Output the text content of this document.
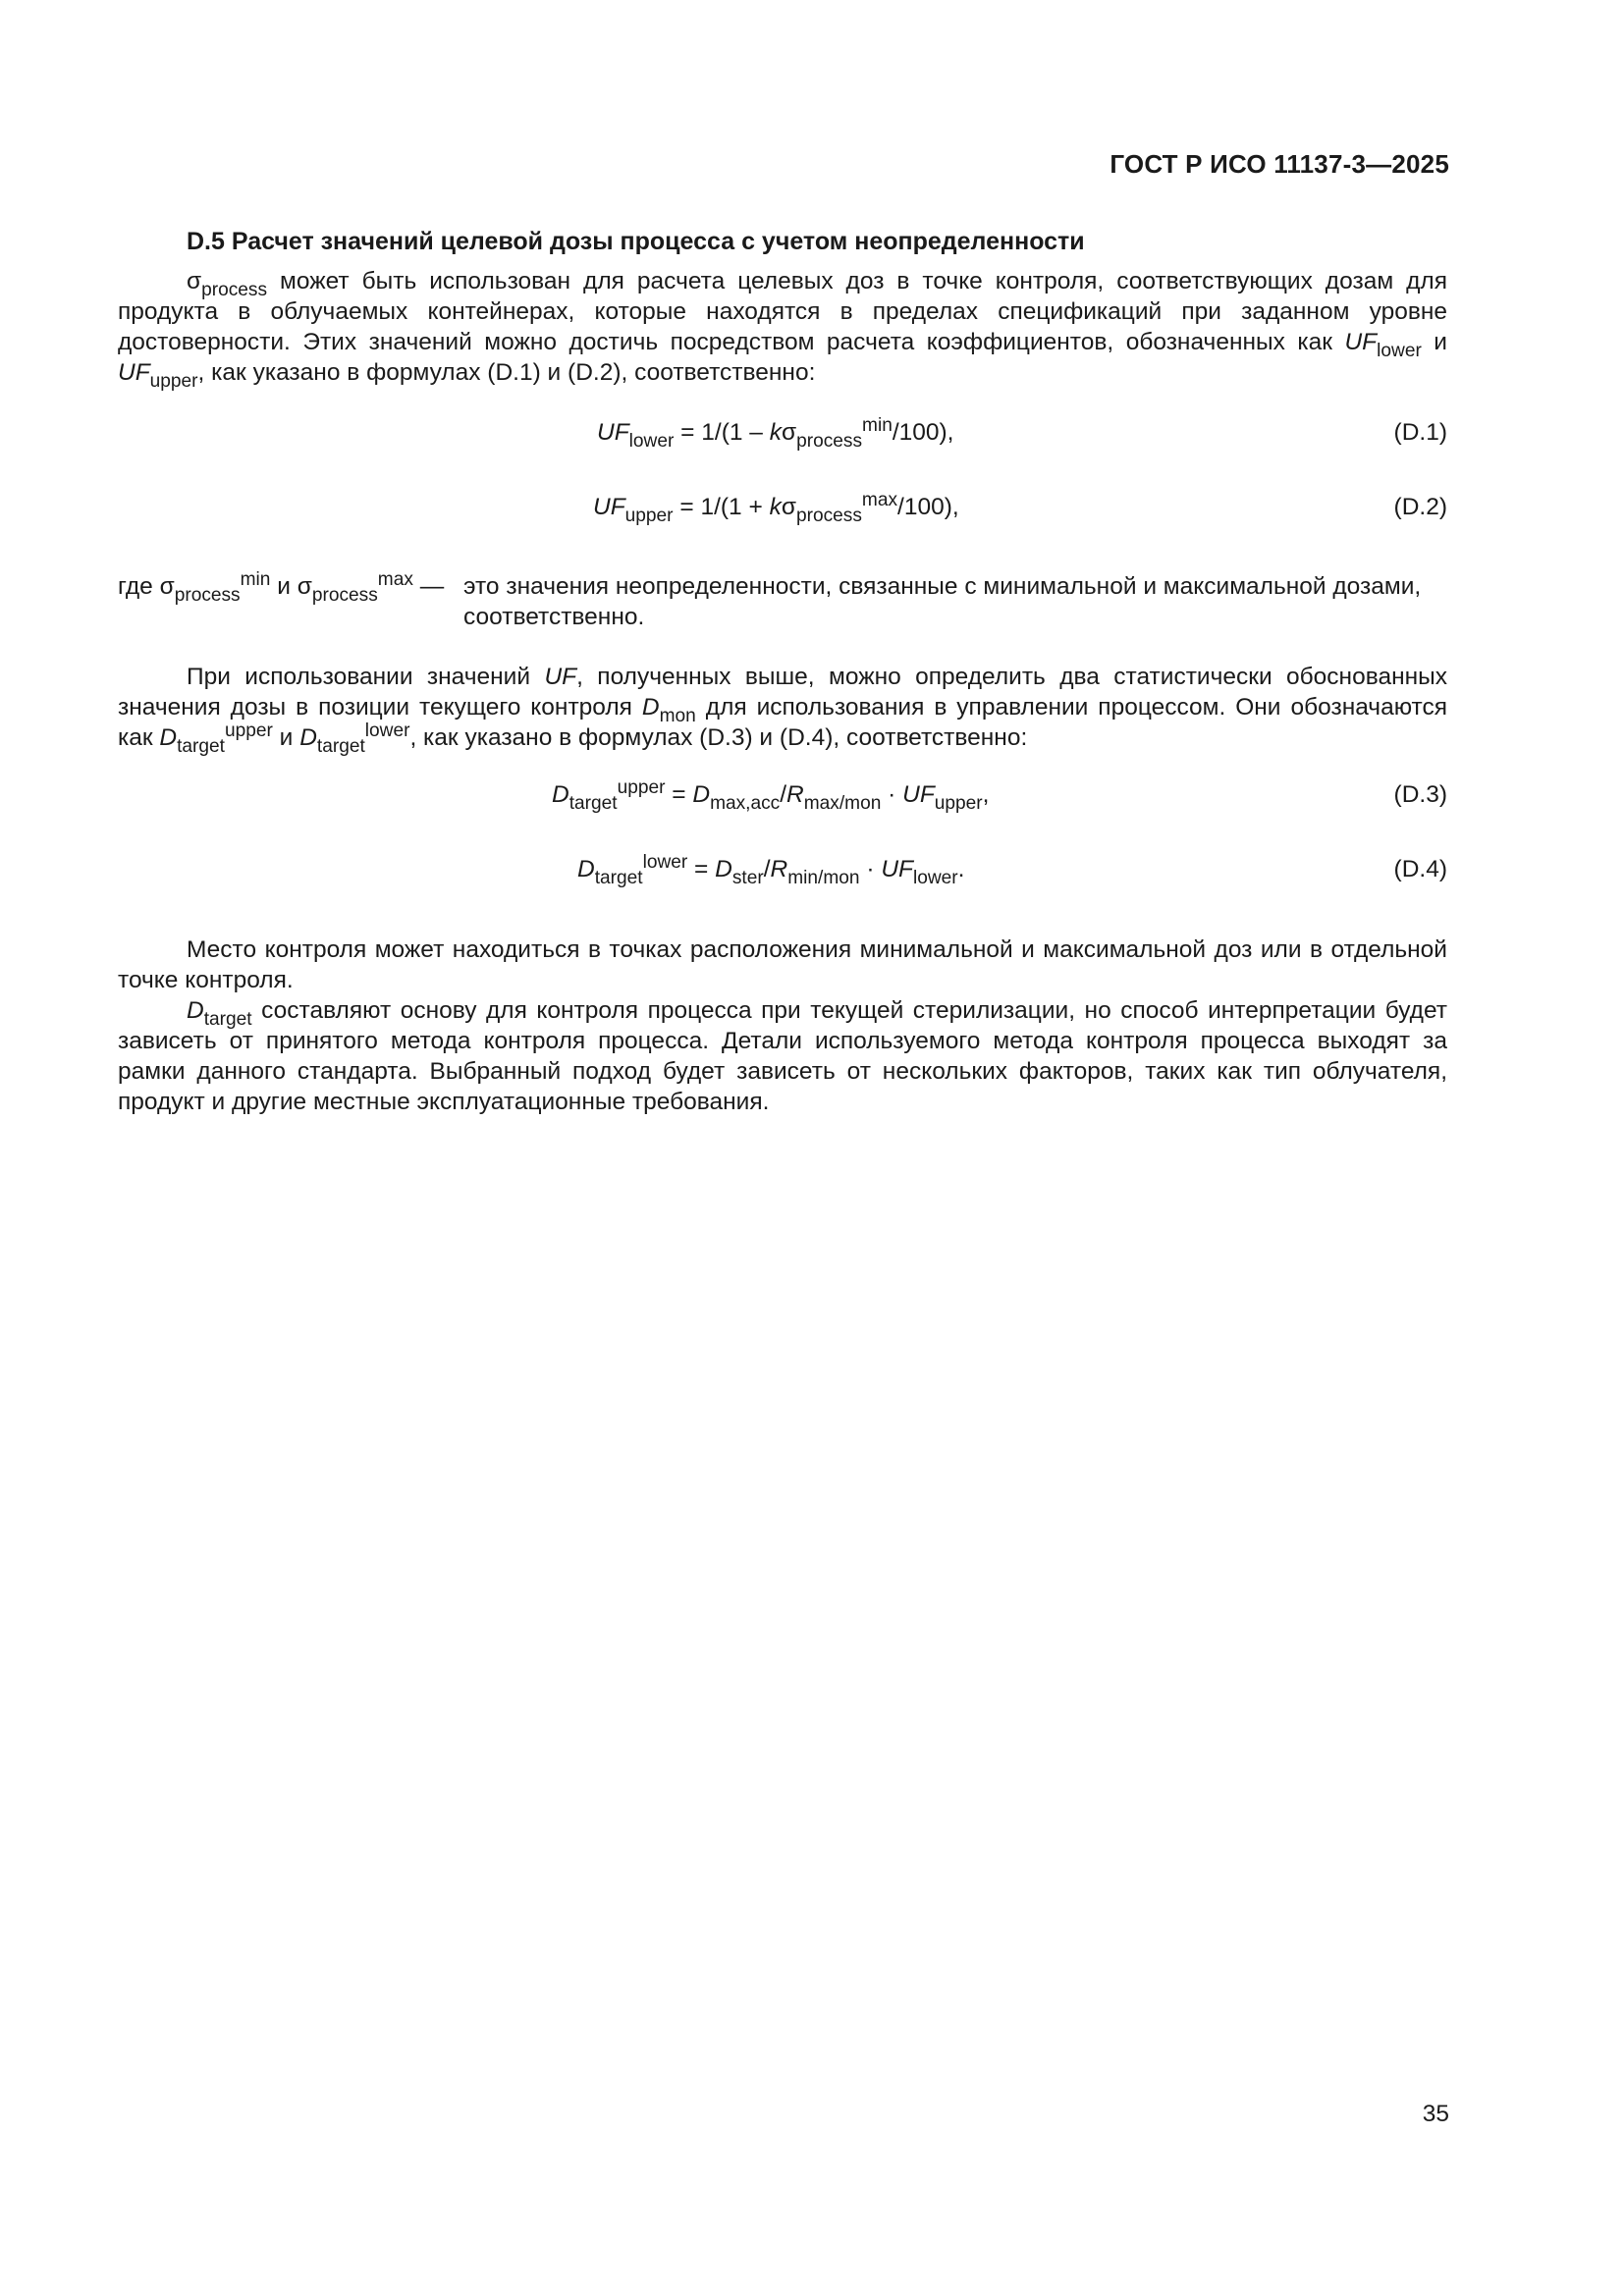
ГОСТ Р ИСО 11137-3—2025
D.5 Расчет значений целевой дозы процесса с учетом неопределенности

$\sigma_{process}$ может быть использован для расчета целевых доз в точке контроля, соответствующих дозам для продукта в облучаемых контейнерах, которые находятся в пределах спецификаций при заданном уровне достоверности. Этих значений можно достичь посредством расчета коэффициентов, обозначенных как $UF_{lower}$ и $UF_{upper}$, как указано в формулах (D.1) и (D.2), соответственно:

$UF_{lower} = 1/(1 - k\sigma_{process}^{min}/100)$,	(D.1)
$UF_{upper} = 1/(1 + k\sigma_{process}^{max}/100)$,	(D.2)
где $\sigma_{process}^{min}$ и $\sigma_{process}^{max}$ — это значения неопределенности, связанные с минимальной и максимальной дозами, соответственно.

При использовании значений UF, полученных выше, можно определить два статистически обоснованных значения дозы в позиции текущего контроля $D_{mon}$ для использования в управлении процессом. Они обозначаются как $D_{target}^{upper}$ и $D_{target}^{lower}$, как указано в формулах (D.3) и (D.4), соответственно:

$D_{target}^{upper} = D_{max,acc}/R_{max/mon} \cdot UF_{upper}$,	(D.3)
$D_{target}^{lower} = D_{ster}/R_{min/mon} \cdot UF_{lower}$.	(D.4)

Место контроля может находиться в точках расположения минимальной и максимальной доз или в отдельной точке контроля.

$D_{target}$ составляют основу для контроля процесса при текущей стерилизации, но способ интерпретации будет зависеть от принятого метода контроля процесса. Детали используемого метода контроля процесса выходят за рамки данного стандарта. Выбранный подход будет зависеть от нескольких факторов, таких как тип облучателя, продукт и другие местные эксплуатационные требования.

35
